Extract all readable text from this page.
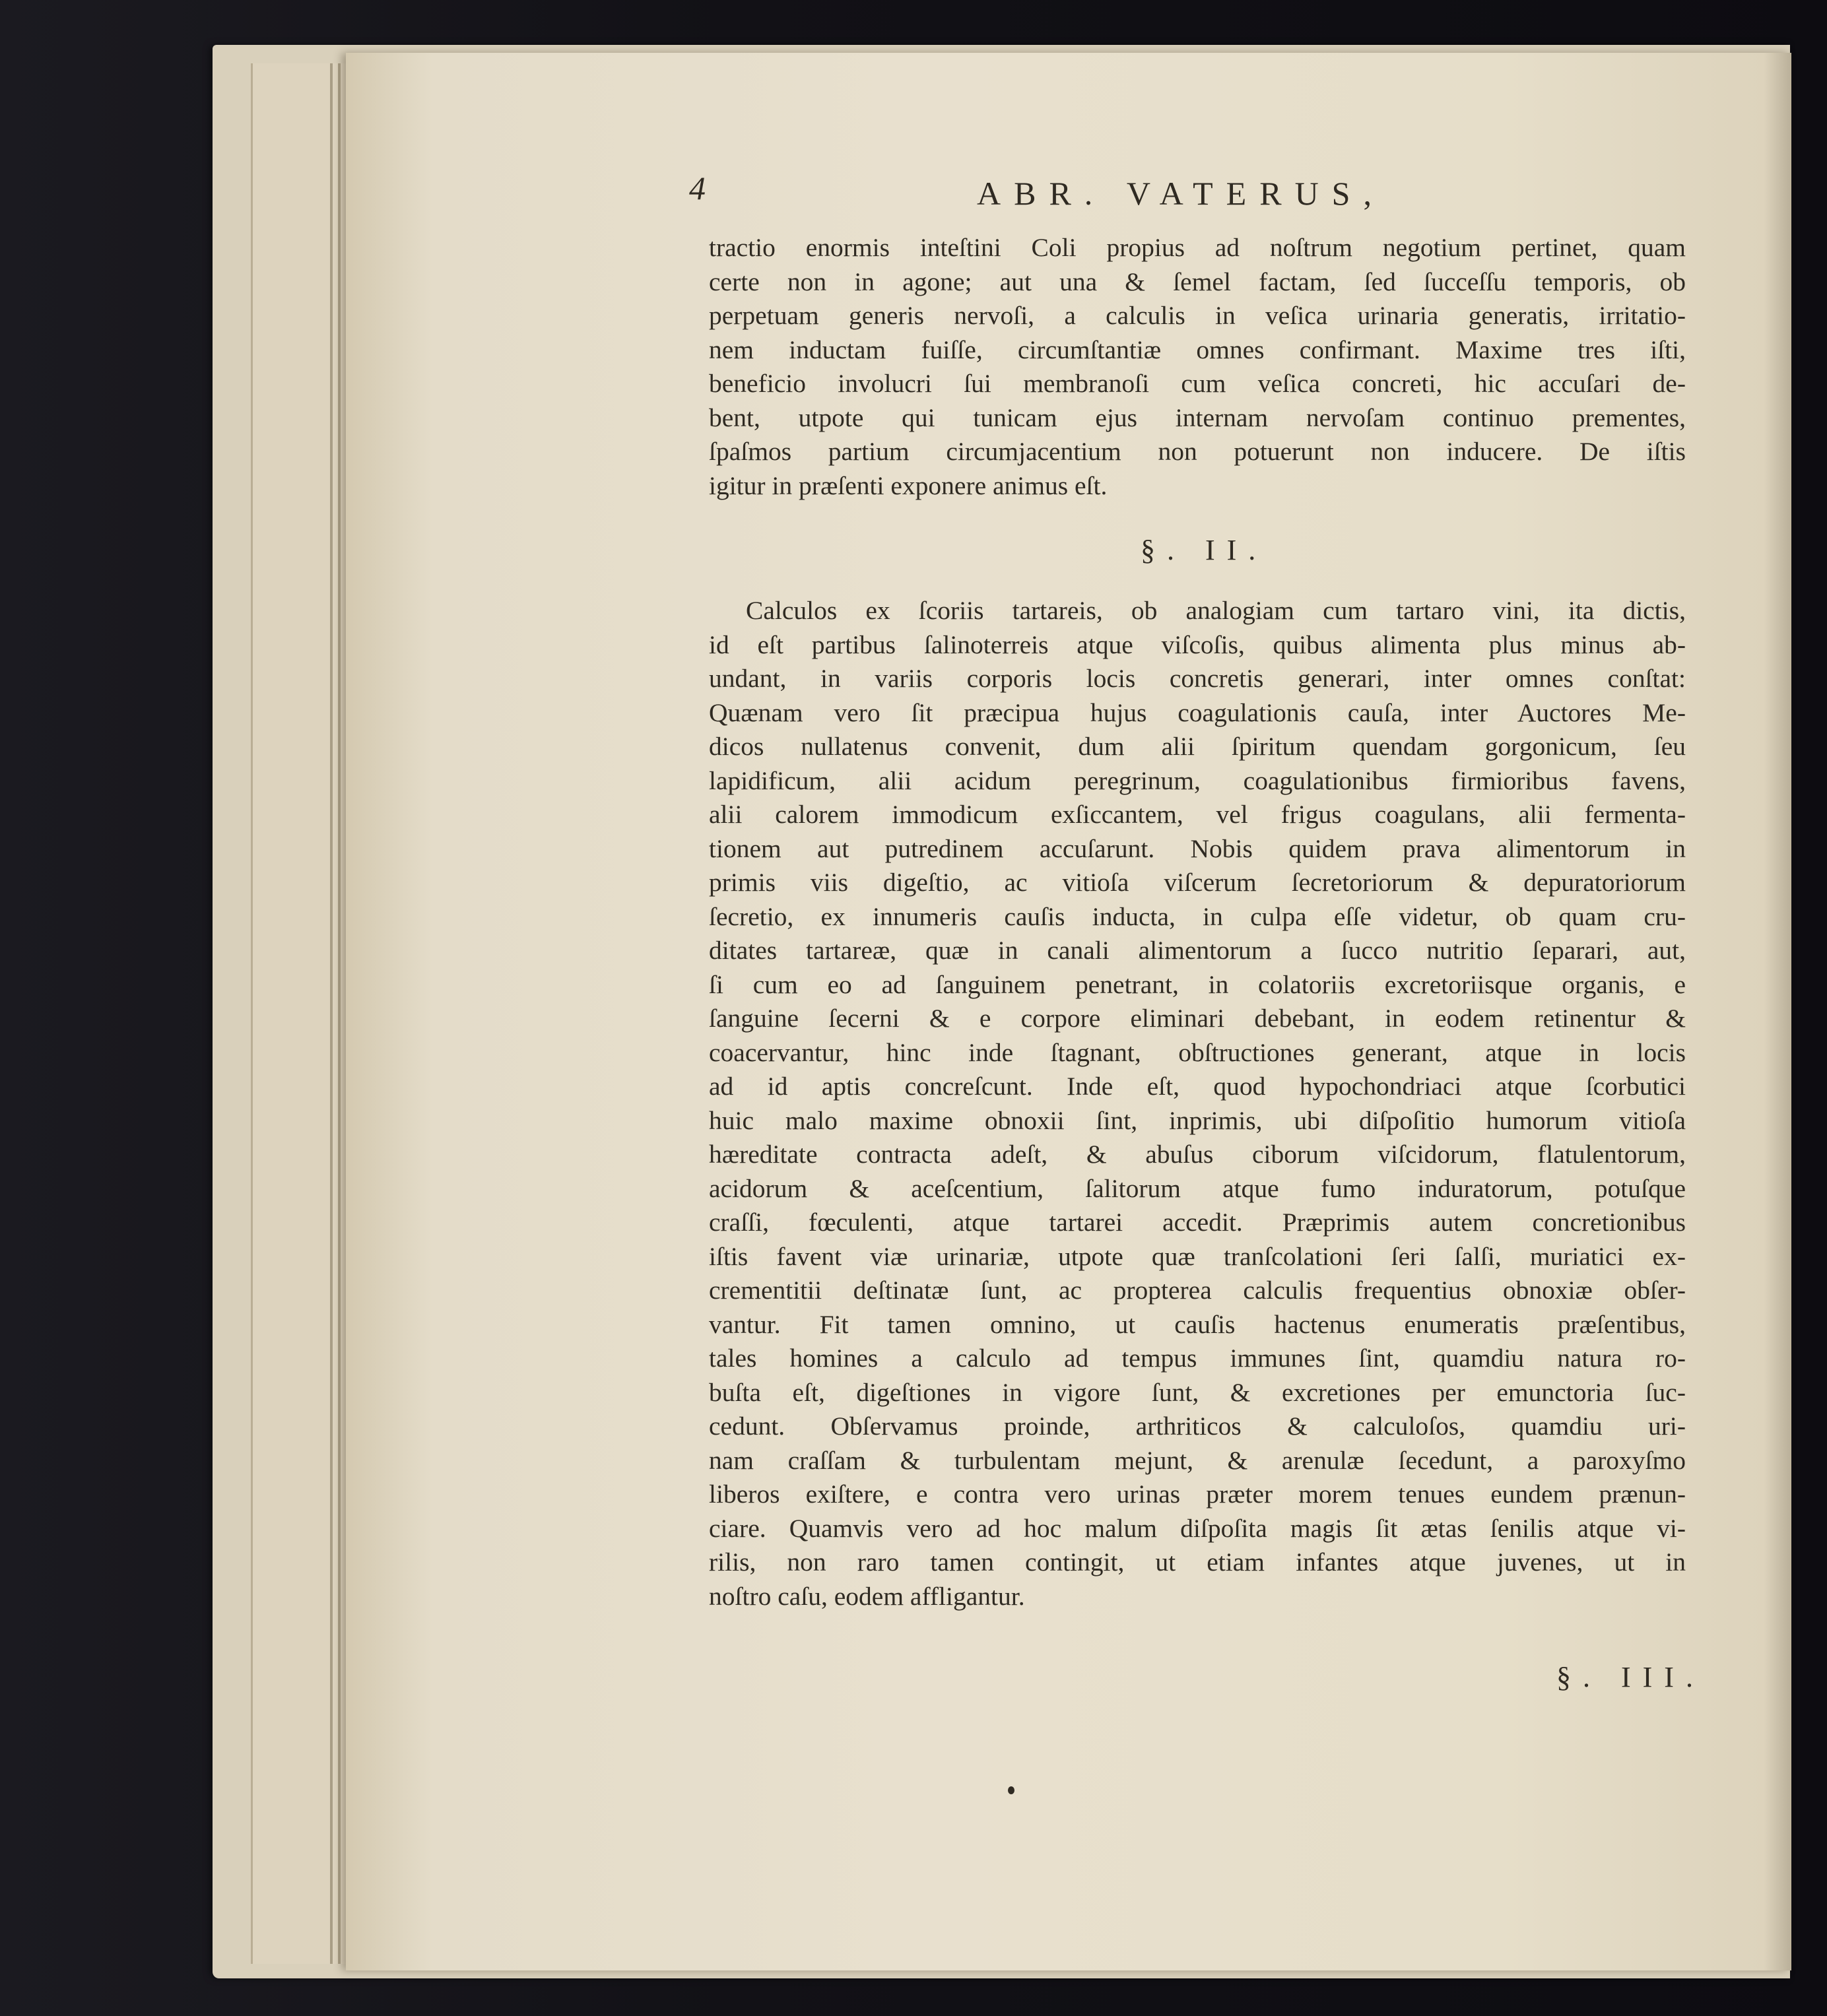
4	ABR. VATERUS,
tractio enormis inteſtini Coli propius ad noſtrum negotium pertinet, quam
certe non in agone; aut una & ſemel factam, ſed ſucceſſu temporis, ob
perpetuam generis nervoſi, a calculis in veſica urinaria generatis, irritatio-
nem inductam fuiſſe, circumſtantiæ omnes confirmant. Maxime tres iſti,
beneficio involucri ſui membranoſi cum veſica concreti, hic accuſari de-
bent, utpote qui tunicam ejus internam nervoſam continuo prementes,
ſpaſmos partium circumjacentium non potuerunt non inducere. De iſtis
igitur in præſenti exponere animus eſt.
§. II.
Calculos ex ſcoriis tartareis, ob analogiam cum tartaro vini, ita dictis,
id eſt partibus ſalinoterreis atque viſcoſis, quibus alimenta plus minus ab-
undant, in variis corporis locis concretis generari, inter omnes conſtat:
Quænam vero ſit præcipua hujus coagulationis cauſa, inter Auctores Me-
dicos nullatenus convenit, dum alii ſpiritum quendam gorgonicum, ſeu
lapidificum, alii acidum peregrinum, coagulationibus firmioribus favens,
alii calorem immodicum exſiccantem, vel frigus coagulans, alii fermenta-
tionem aut putredinem accuſarunt. Nobis quidem prava alimentorum in
primis viis digeſtio, ac vitioſa viſcerum ſecretoriorum & depuratoriorum
ſecretio, ex innumeris cauſis inducta, in culpa eſſe videtur, ob quam cru-
ditates tartareæ, quæ in canali alimentorum a ſucco nutritio ſeparari, aut,
ſi cum eo ad ſanguinem penetrant, in colatoriis excretoriisque organis, e
ſanguine ſecerni & e corpore eliminari debebant, in eodem retinentur &
coacervantur, hinc inde ſtagnant, obſtructiones generant, atque in locis
ad id aptis concreſcunt. Inde eſt, quod hypochondriaci atque ſcorbutici
huic malo maxime obnoxii ſint, inprimis, ubi diſpoſitio humorum vitioſa
hæreditate contracta adeſt, & abuſus ciborum viſcidorum, flatulentorum,
acidorum & aceſcentium, ſalitorum atque fumo induratorum, potuſque
craſſi, fœculenti, atque tartarei accedit. Præprimis autem concretionibus
iſtis favent viæ urinariæ, utpote quæ tranſcolationi ſeri ſalſi, muriatici ex-
crementitii deſtinatæ ſunt, ac propterea calculis frequentius obnoxiæ obſer-
vantur. Fit tamen omnino, ut cauſis hactenus enumeratis præſentibus,
tales homines a calculo ad tempus immunes ſint, quamdiu natura ro-
buſta eſt, digeſtiones in vigore ſunt, & excretiones per emunctoria ſuc-
cedunt. Obſervamus proinde, arthriticos & calculoſos, quamdiu uri-
nam craſſam & turbulentam mejunt, & arenulæ ſecedunt, a paroxyſmo
liberos exiſtere, e contra vero urinas præter morem tenues eundem prænun-
ciare. Quamvis vero ad hoc malum diſpoſita magis ſit ætas ſenilis atque vi-
rilis, non raro tamen contingit, ut etiam infantes atque juvenes, ut in
noſtro caſu, eodem affligantur.
§. III.
